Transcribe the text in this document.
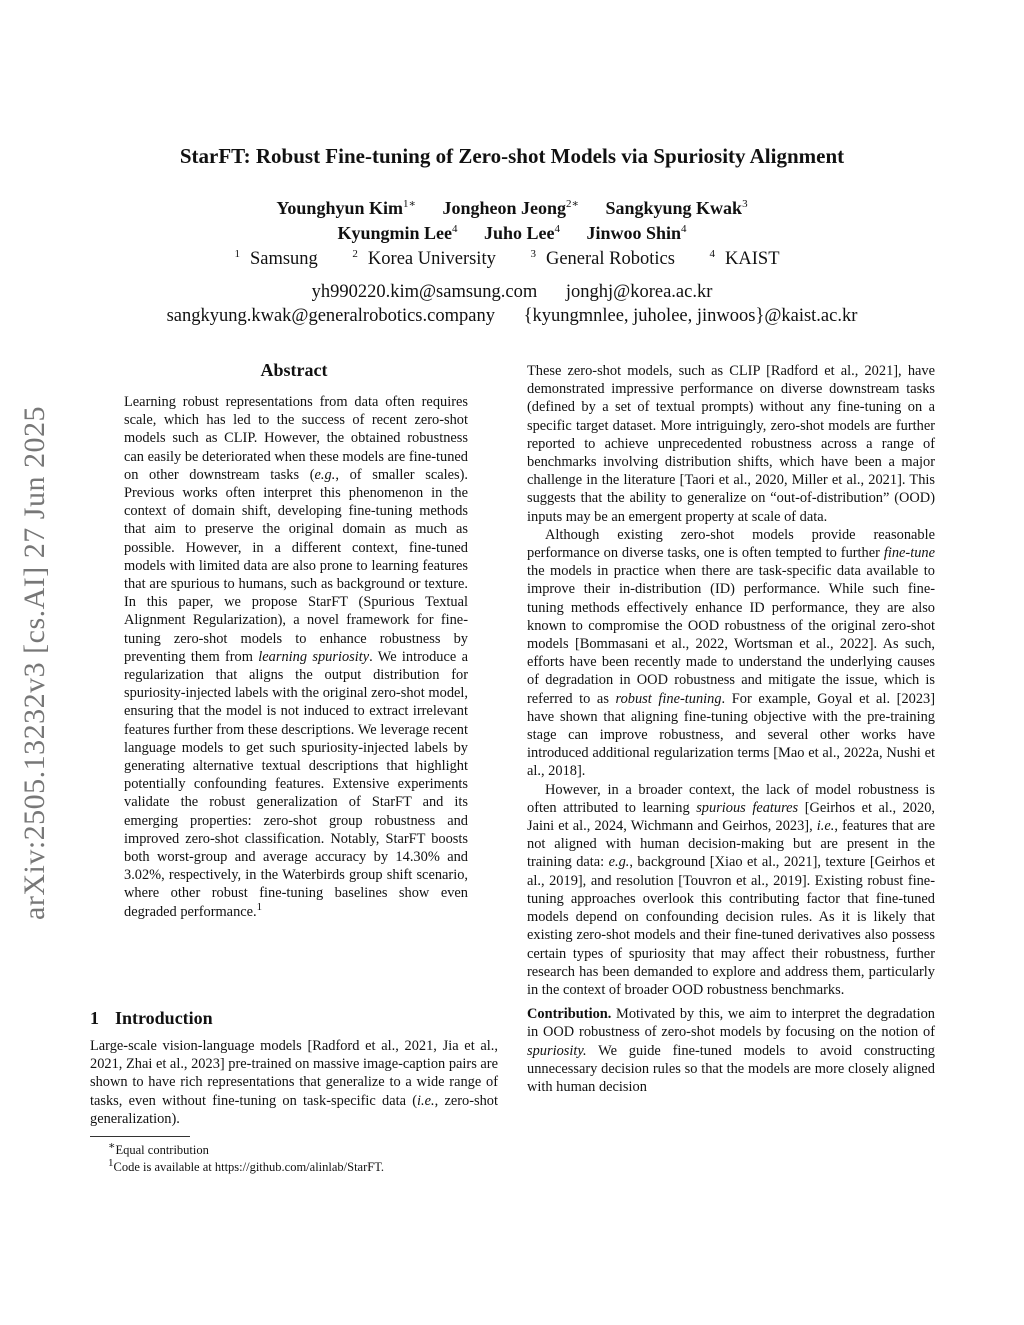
arXiv:2505.13232v3 [cs.AI] 27 Jun 2025
StarFT: Robust Fine-tuning of Zero-shot Models via Spuriosity Alignment
Younghyun Kim$^{1∗}$ Jongheon Jeong$^{2∗}$ Sangkyung Kwak$^3$
Kyungmin Lee$^4$ Juho Lee$^4$ Jinwoo Shin$^4$
$^1$ Samsung	$^2$ Korea University	$^3$ General Robotics	$^4$ KAIST
yh990220.kim@samsung.com jonghj@korea.ac.kr
sangkyung.kwak@generalrobotics.company {kyungmnlee, juholee, jinwoos}@kaist.ac.kr
Abstract

Learning robust representations from data often requires scale, which has led to the success of recent zero-shot models such as CLIP. However, the obtained robustness can easily be deteriorated when these models are fine-tuned on other downstream tasks (e.g., of smaller scales). Previous works often interpret this phenomenon in the context of domain shift, developing fine-tuning methods that aim to preserve the original domain as much as possible. However, in a different context, fine-tuned models with limited data are also prone to learning features that are spurious to humans, such as background or texture. In this paper, we propose StarFT (Spurious Textual Alignment Regularization), a novel framework for fine-tuning zero-shot models to enhance robustness by preventing them from learning spuriosity. We introduce a regularization that aligns the output distribution for spuriosity-injected labels with the original zero-shot model, ensuring that the model is not induced to extract irrelevant features further from these descriptions. We leverage recent language models to get such spuriosity-injected labels by generating alternative textual descriptions that highlight potentially confounding features. Extensive experiments validate the robust generalization of StarFT and its emerging properties: zero-shot group robustness and improved zero-shot classification. Notably, StarFT boosts both worst-group and average accuracy by 14.30% and 3.02%, respectively, in the Waterbirds group shift scenario, where other robust fine-tuning baselines show even degraded performance.$^1$

1 Introduction

Large-scale vision-language models [Radford et al., 2021, Jia et al., 2021, Zhai et al., 2023] pre-trained on massive image-caption pairs are shown to have rich representations that generalize to a wide range of tasks, even without fine-tuning on task-specific data (i.e., zero-shot generalization).

∗Equal contribution
$^1$Code is available at https://github.com/alinlab/StarFT.

These zero-shot models, such as CLIP [Radford et al., 2021], have demonstrated impressive performance on diverse downstream tasks (defined by a set of textual prompts) without any fine-tuning on a specific target dataset. More intriguingly, zero-shot models are further reported to achieve unprecedented robustness across a range of benchmarks involving distribution shifts, which have been a major challenge in the literature [Taori et al., 2020, Miller et al., 2021]. This suggests that the ability to generalize on “out-of-distribution” (OOD) inputs may be an emergent property at scale of data.

Although existing zero-shot models provide reasonable performance on diverse tasks, one is often tempted to further fine-tune the models in practice when there are task-specific data available to improve their in-distribution (ID) performance. While such fine-tuning methods effectively enhance ID performance, they are also known to compromise the OOD robustness of the original zero-shot models [Bommasani et al., 2022, Wortsman et al., 2022]. As such, efforts have been recently made to understand the underlying causes of degradation in OOD robustness and mitigate the issue, which is referred to as robust fine-tuning. For example, Goyal et al. [2023] have shown that aligning fine-tuning objective with the pre-training stage can improve robustness, and several other works have introduced additional regularization terms [Mao et al., 2022a, Nushi et al., 2018].

However, in a broader context, the lack of model robustness is often attributed to learning spurious features [Geirhos et al., 2020, Jaini et al., 2024, Wichmann and Geirhos, 2023], i.e., features that are not aligned with human decision-making but are present in the training data: e.g., background [Xiao et al., 2021], texture [Geirhos et al., 2019], and resolution [Touvron et al., 2019]. Existing robust fine-tuning approaches overlook this contributing factor that fine-tuned models depend on confounding decision rules. As it is likely that existing zero-shot models and their fine-tuned derivatives also possess certain types of spuriosity that may affect their robustness, further research has been demanded to explore and address them, particularly in the context of broader OOD robustness benchmarks.

Contribution. Motivated by this, we aim to interpret the degradation in OOD robustness of zero-shot models by focusing on the notion of spuriosity. We guide fine-tuned models to avoid constructing unnecessary decision rules so that the models are more closely aligned with human decision
